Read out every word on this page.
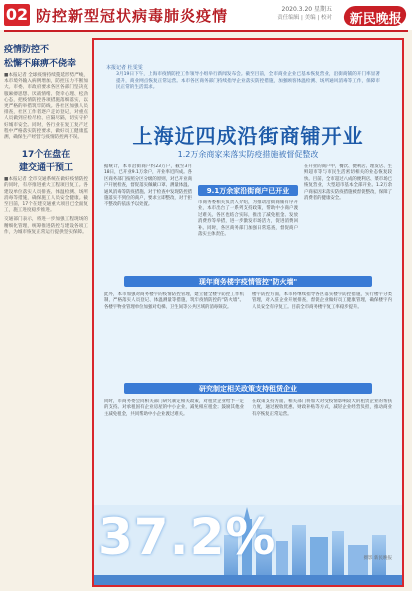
02 防控新型冠状病毒肺炎疫情	2020.3.20 星期五
责任编辑 | 美编 | 校对 新民晚报
疫情防控不
松懈不麻痹不侥幸
■本报记者 全球疫情持续蔓延形势严峻，本市境外输入病例增加，防控压力不断加大。市委、市政府要求各区各部门坚决克服麻痹思想、厌战情绪、侥幸心理、松劲心态，把疫情防控各项措施落细落实，以更严格的举措筑牢防线。各社区加强人员排查，社区工作者逐户走访登记，对重点人员做到应检尽检、应隔尽隔，切实守护好城市安全。同时，各行业在复工复产过程中严格落实防控要求，做好员工健康监测，确保生产经营与疫情防控两不误。
17个在盘在
建交通干预工
■本报记者 全市交通系统在做好疫情防控的同时，有序推进重大工程项目复工。各建设单位落实人员排查、体温检测、场所消毒等措施，确保施工人员安全健康。截至目前，17个在建交通重大项目已全面复工，施工进度稳步推进。
交通部门表示，将进一步加强工程现场的精细化管理，统筹推进防控与建设各项工作，为城市恢复正常运行提供坚实保障。
本报记者 杜雯雯
3月19日下午，上海市疫情防控工作领导小组举行新闻发布会。截至目前，全市商业企业已基本恢复营业，沿街商铺的开门率显著提升，商业网点恢复正常运营。本市各区商务部门持续指导企业落实防控措施，加强顾客体温检测、场所通风消毒等工作，保障市民正常的生活需求。
上海近四成沿街商铺开业
1.2万余商家来落实防疫措施被督促整改
据统计，本市沿街商户约23万户，截至3月18日，已开业9.1万余户，开业率近四成。各区商务部门按照分区分级的原则，对已开业商户开展检查，督促落实佩戴口罩、测量体温、通风消毒等防疫措施。对于检查中发现防控措施落实不到位的商户，要求立即整改，对于拒不整改的依法予以处置。
9.1万余家沿街商户已开业
市商务委相关负责人介绍，为推动沿街商铺有序开业，本市出台了一系列支持政策，帮助中小商户渡过难关。各区也结合实际，推出了减免租金、发放消费券等举措，进一步激发市场活力，促进消费回补。同时，各区商务部门加强日常巡查，督促商户落实主体责任。
在开业的商户中，餐饮、便利店、理发店、生鲜超市等与市民生活密切相关的业态恢复较快。目前，全市超过八成的便利店、菜市场已恢复营业，大型超市基本全部开业。1.2万余户商家因未落实防疫措施被督促整改，保障了消费者的健康安全。
现年商务楼宇疫情管控"防火墙"
此外，本市加强对商务楼宇的疫情防控管理，建立健全楼宇防控工作机制，严格落实人员登记、体温测量等措施，筑牢疫情防控的"防火墙"。各楼宇物业管理单位加强对电梯、卫生间等公共区域的消毒频次。
楼宇防控方面，本市将继续指导各区落实楼宇防控措施，实行楼宇分类管理，对入驻企业开展排查，督促企业做好员工健康管理，确保楼宇内人员安全有序复工。目前全市商务楼宇复工率稳步提升。
研究制定相关政策支持租赁企业
同时，市商务委会同相关部门研究制定相关政策，对租赁企业给予一定的支持。对承租国有企业房屋的中小企业，减免相应租金；鼓励其他业主减免租金，共同帮助中小企业渡过难关。
在政策支持方面，相关部门将加大对受疫情影响较大的租赁企业的帮扶力度，通过税收优惠、财政补贴等方式，减轻企业经营负担，推动商业有序恢复正常运营。
37.2%	摄影 新民晚报
